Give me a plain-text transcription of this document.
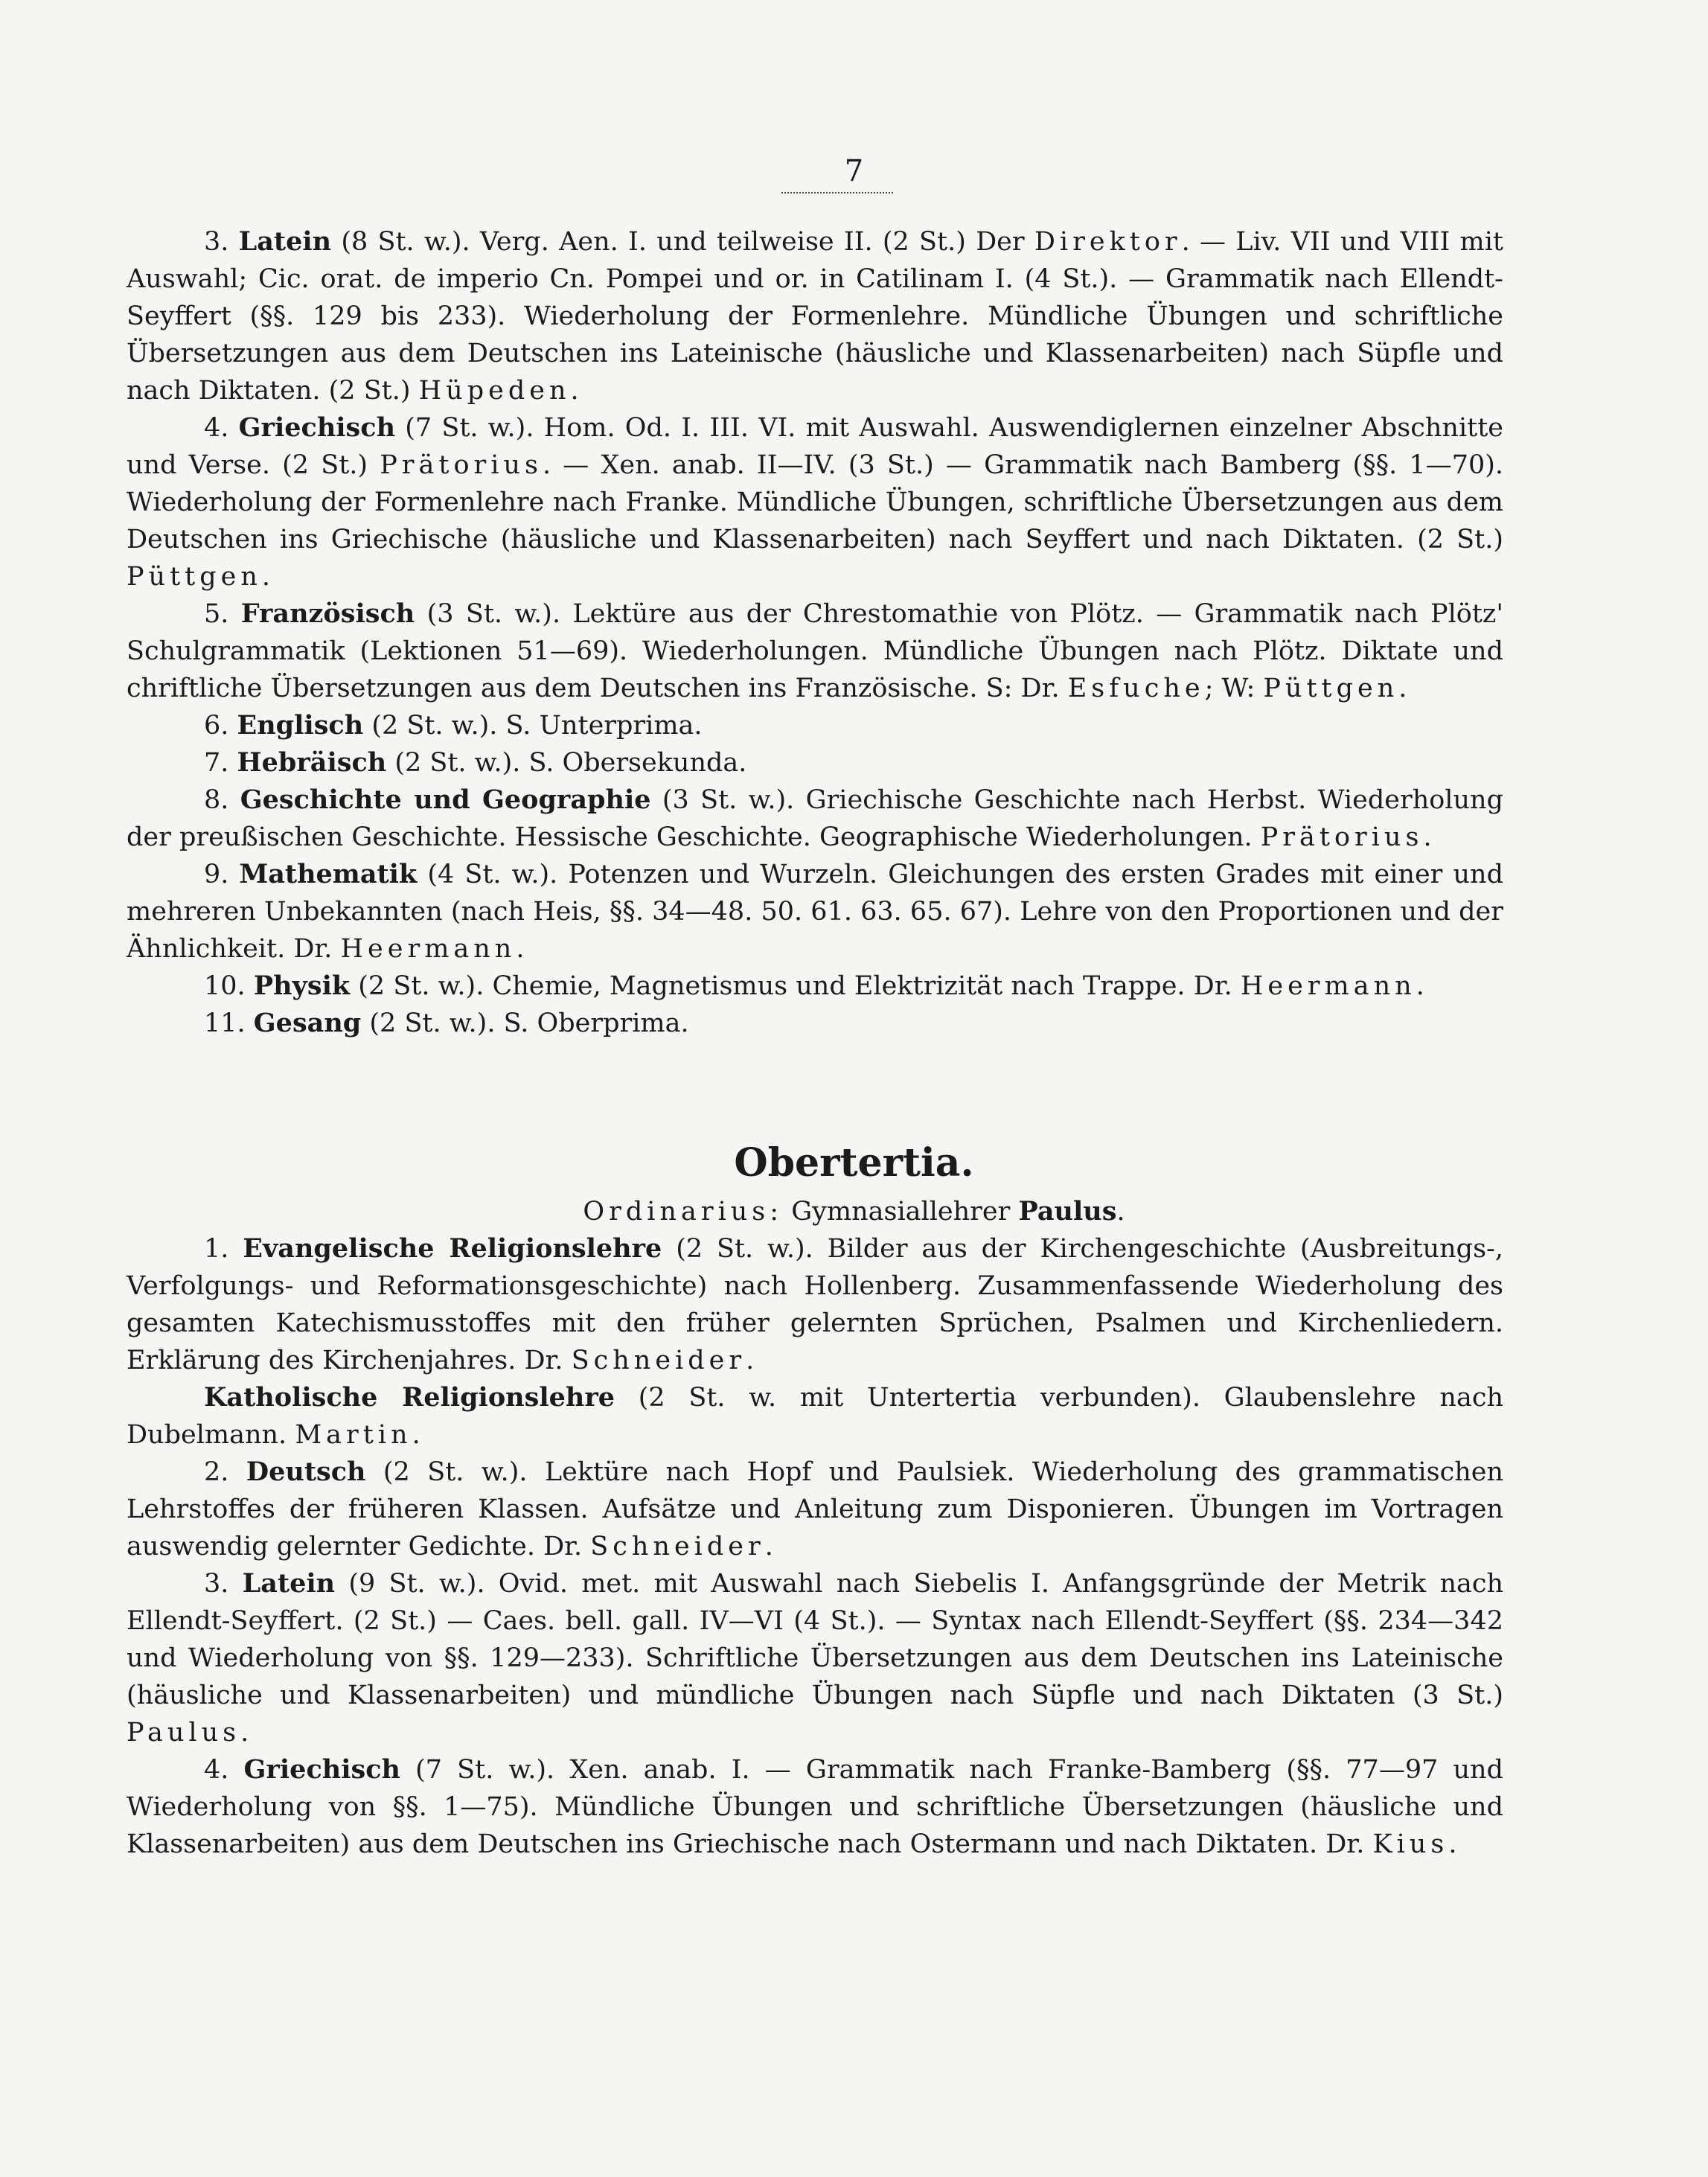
7

3. Latein (8 St. w.). Verg. Aen. I. und teilweise II. (2 St.) Der Direktor. — Liv. VII und VIII mit Auswahl; Cic. orat. de imperio Cn. Pompei und or. in Catilinam I. (4 St.). — Grammatik nach Ellendt-Seyffert (§§. 129 bis 233). Wiederholung der Formenlehre. Mündliche Übungen und schriftliche Übersetzungen aus dem Deutschen ins Lateinische (häusliche und Klassenarbeiten) nach Süpfle und nach Diktaten. (2 St.) Hüpeden.

4. Griechisch (7 St. w.). Hom. Od. I. III. VI. mit Auswahl. Auswendiglernen einzelner Abschnitte und Verse. (2 St.) Prätorius. — Xen. anab. II—IV. (3 St.) — Grammatik nach Bamberg (§§. 1—70). Wiederholung der Formenlehre nach Franke. Mündliche Übungen, schriftliche Übersetzungen aus dem Deutschen ins Griechische (häusliche und Klassenarbeiten) nach Seyffert und nach Diktaten. (2 St.) Püttgen.

5. Französisch (3 St. w.). Lektüre aus der Chrestomathie von Plötz. — Grammatik nach Plötz' Schulgrammatik (Lektionen 51—69). Wiederholungen. Mündliche Übungen nach Plötz. Diktate und chriftliche Übersetzungen aus dem Deutschen ins Französische. S: Dr. Esfuche; W: Püttgen.

6. Englisch (2 St. w.). S. Unterprima.

7. Hebräisch (2 St. w.). S. Obersekunda.

8. Geschichte und Geographie (3 St. w.). Griechische Geschichte nach Herbst. Wiederholung der preußischen Geschichte. Hessische Geschichte. Geographische Wiederholungen. Prätorius.

9. Mathematik (4 St. w.). Potenzen und Wurzeln. Gleichungen des ersten Grades mit einer und mehreren Unbekannten (nach Heis, §§. 34—48. 50. 61. 63. 65. 67). Lehre von den Proportionen und der Ähnlichkeit. Dr. Heermann.

10. Physik (2 St. w.). Chemie, Magnetismus und Elektrizität nach Trappe. Dr. Heermann.

11. Gesang (2 St. w.). S. Oberprima.

Obertertia.
Ordinarius: Gymnasiallehrer Paulus.

1. Evangelische Religionslehre (2 St. w.). Bilder aus der Kirchengeschichte (Ausbreitungs-, Verfolgungs- und Reformationsgeschichte) nach Hollenberg. Zusammenfassende Wiederholung des gesamten Katechismusstoffes mit den früher gelernten Sprüchen, Psalmen und Kirchenliedern. Erklärung des Kirchenjahres. Dr. Schneider.

Katholische Religionslehre (2 St. w. mit Untertertia verbunden). Glaubenslehre nach Dubelmann. Martin.

2. Deutsch (2 St. w.). Lektüre nach Hopf und Paulsiek. Wiederholung des grammatischen Lehrstoffes der früheren Klassen. Aufsätze und Anleitung zum Disponieren. Übungen im Vortragen auswendig gelernter Gedichte. Dr. Schneider.

3. Latein (9 St. w.). Ovid. met. mit Auswahl nach Siebelis I. Anfangsgründe der Metrik nach Ellendt-Seyffert. (2 St.) — Caes. bell. gall. IV—VI (4 St.). — Syntax nach Ellendt-Seyffert (§§. 234—342 und Wiederholung von §§. 129—233). Schriftliche Übersetzungen aus dem Deutschen ins Lateinische (häusliche und Klassenarbeiten) und mündliche Übungen nach Süpfle und nach Diktaten (3 St.) Paulus.

4. Griechisch (7 St. w.). Xen. anab. I. — Grammatik nach Franke-Bamberg (§§. 77—97 und Wiederholung von §§. 1—75). Mündliche Übungen und schriftliche Übersetzungen (häusliche und Klassenarbeiten) aus dem Deutschen ins Griechische nach Ostermann und nach Diktaten. Dr. Kius.
